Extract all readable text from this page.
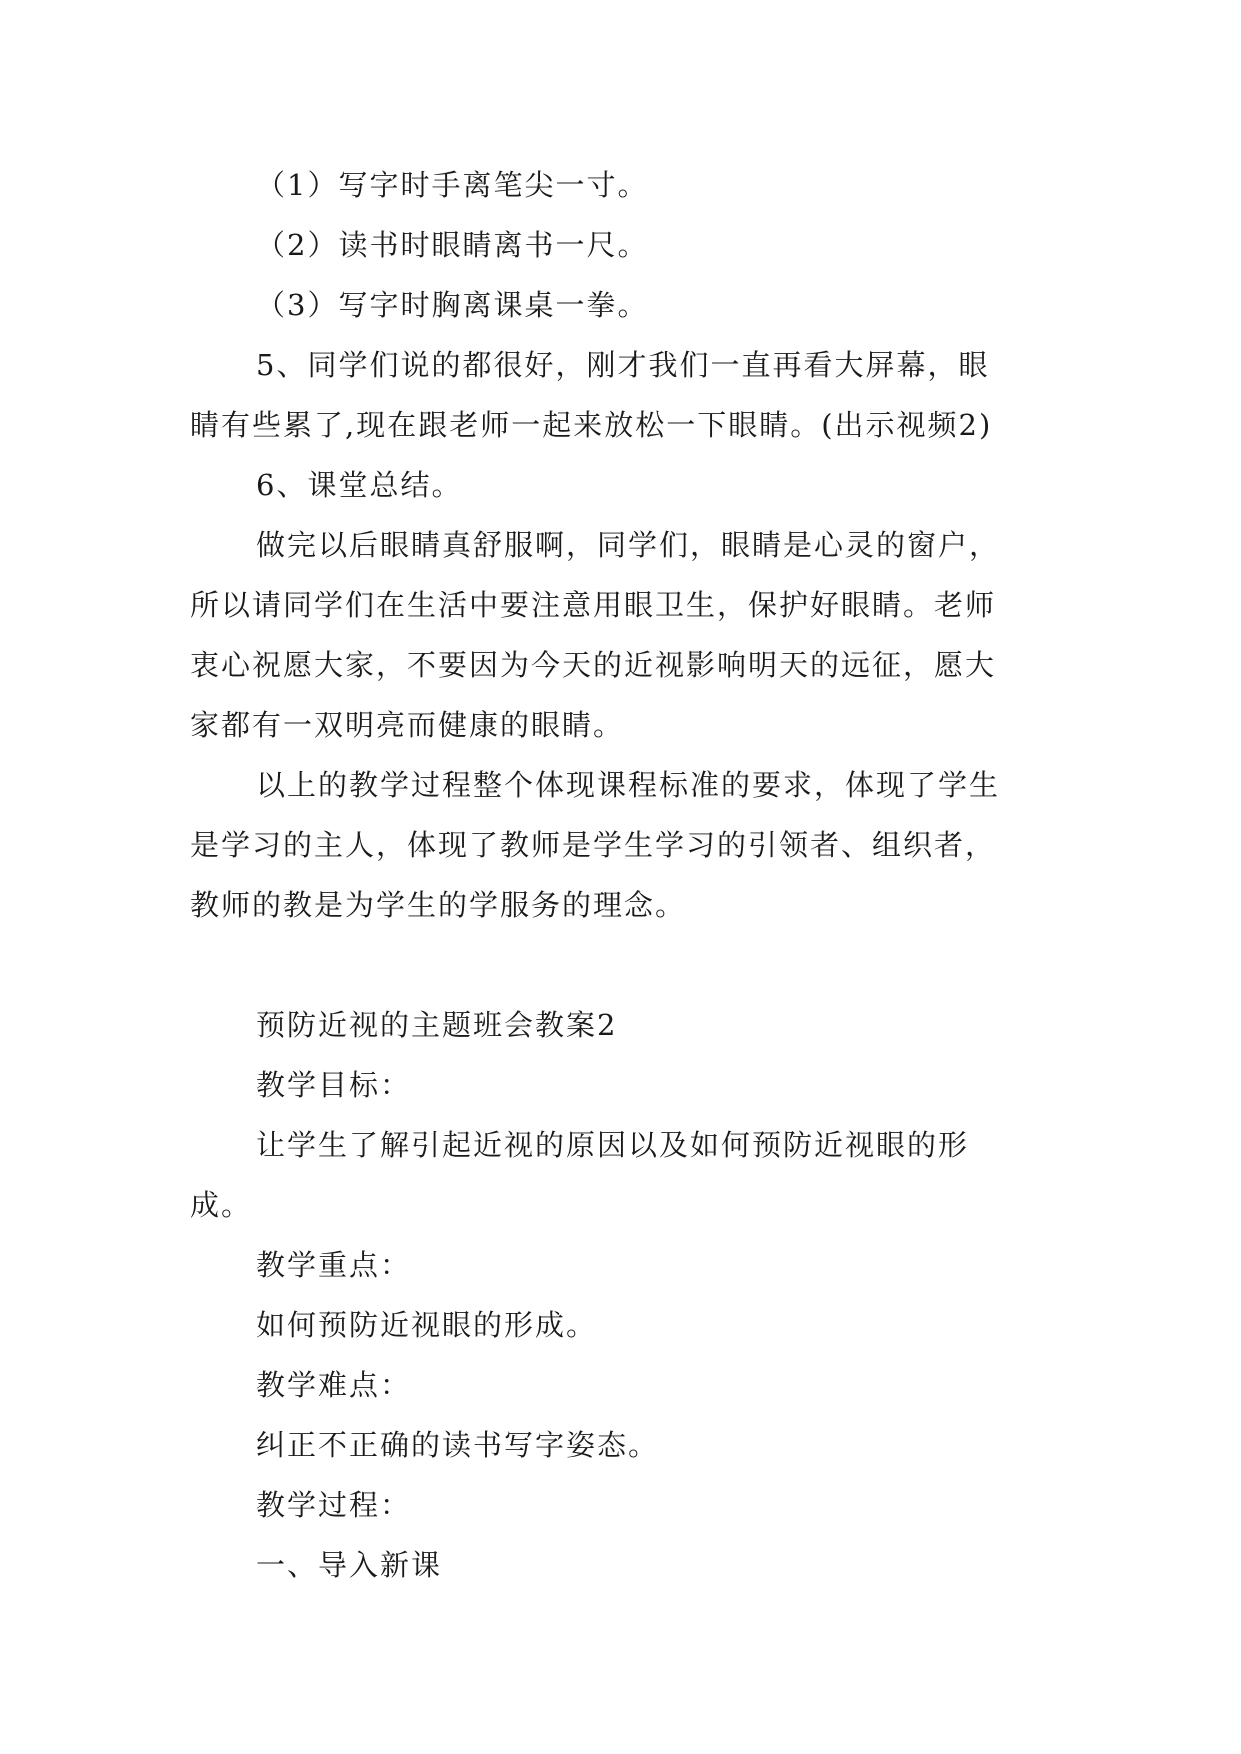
（1）写字时手离笔尖一寸。
（2）读书时眼睛离书一尺。
（3）写字时胸离课桌一拳。
5、同学们说的都很好，刚才我们一直再看大屏幕，眼
睛有些累了,现在跟老师一起来放松一下眼睛。(出示视频2)
6、课堂总结。
做完以后眼睛真舒服啊，同学们，眼睛是心灵的窗户，
所以请同学们在生活中要注意用眼卫生，保护好眼睛。老师
衷心祝愿大家，不要因为今天的近视影响明天的远征，愿大
家都有一双明亮而健康的眼睛。
以上的教学过程整个体现课程标准的要求，体现了学生
是学习的主人，体现了教师是学生学习的引领者、组织者，
教师的教是为学生的学服务的理念。
预防近视的主题班会教案2
教学目标：
让学生了解引起近视的原因以及如何预防近视眼的形
成。
教学重点：
如何预防近视眼的形成。
教学难点：
纠正不正确的读书写字姿态。
教学过程：
一、导入新课
